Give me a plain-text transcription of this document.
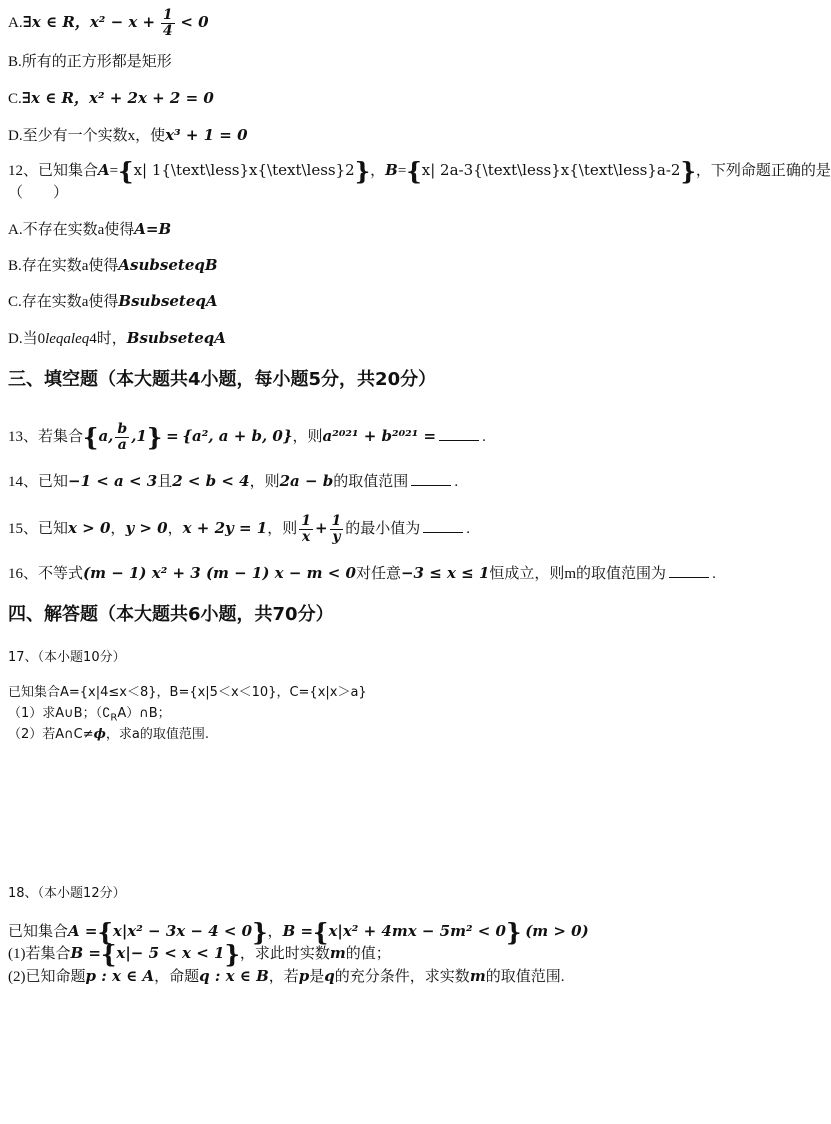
A.∃x ∈ R，$x^2 - x + \frac{1}{4} < 0$
B.所有的正方形都是矩形
C.∃x ∈ R，x² + 2x + 2 = 0
D.至少有一个实数x，使x³ + 1 = 0
12、已知集合A={x| 1{\text\less}x{\text\less}2}，B={x| 2a-3{\text\less}x{\text\less}a-2}，下列命题正确的是
（　　）
A.不存在实数a使得A=B
B.存在实数a使得AsubseteqB
C.存在实数a使得BsubseteqA
D.当0leqaleq4时，BsubseteqA
三、填空题（本大题共4小题，每小题5分，共20分）
13、若集合{a, $\frac{b}{a} ,1\} = \{a^2$, a + b, 0}，则a²⁰²¹ + b²⁰²¹ =	.
14、已知−1 < a < 3且2 < b < 4，则2a − b的取值范围	.
15、已知x > 0，y > 0，x + 2y = 1，则 $\frac{1}{x} + \frac{1}{y}$ 的最小值为	.
16、不等式(m − 1) x² + 3 (m − 1) x − m < 0对任意−3 ≤ x ≤ 1恒成立，则m的取值范围为	.
四、解答题（本大题共6小题，共70分）
17、（本小题10分）
已知集合A={x|4≤x＜8}，B={x|5＜x＜10}，C={x|x＞a}
（1）求A∪B；$(∁_RA)\cap B$；
（2）若A∩C≠ϕ，求a的取值范围.
18、（本小题12分）
已知集合A ={x|x² − 3x − 4 < 0}，B ={x|x² + 4mx − 5m² < 0} (m > 0)
(1)若集合B ={x|− 5 < x < 1}，求此时实数m的值；
(2)已知命题p : x ∈ A，命题q : x ∈ B，若p是q的充分条件，求实数m的取值范围.
